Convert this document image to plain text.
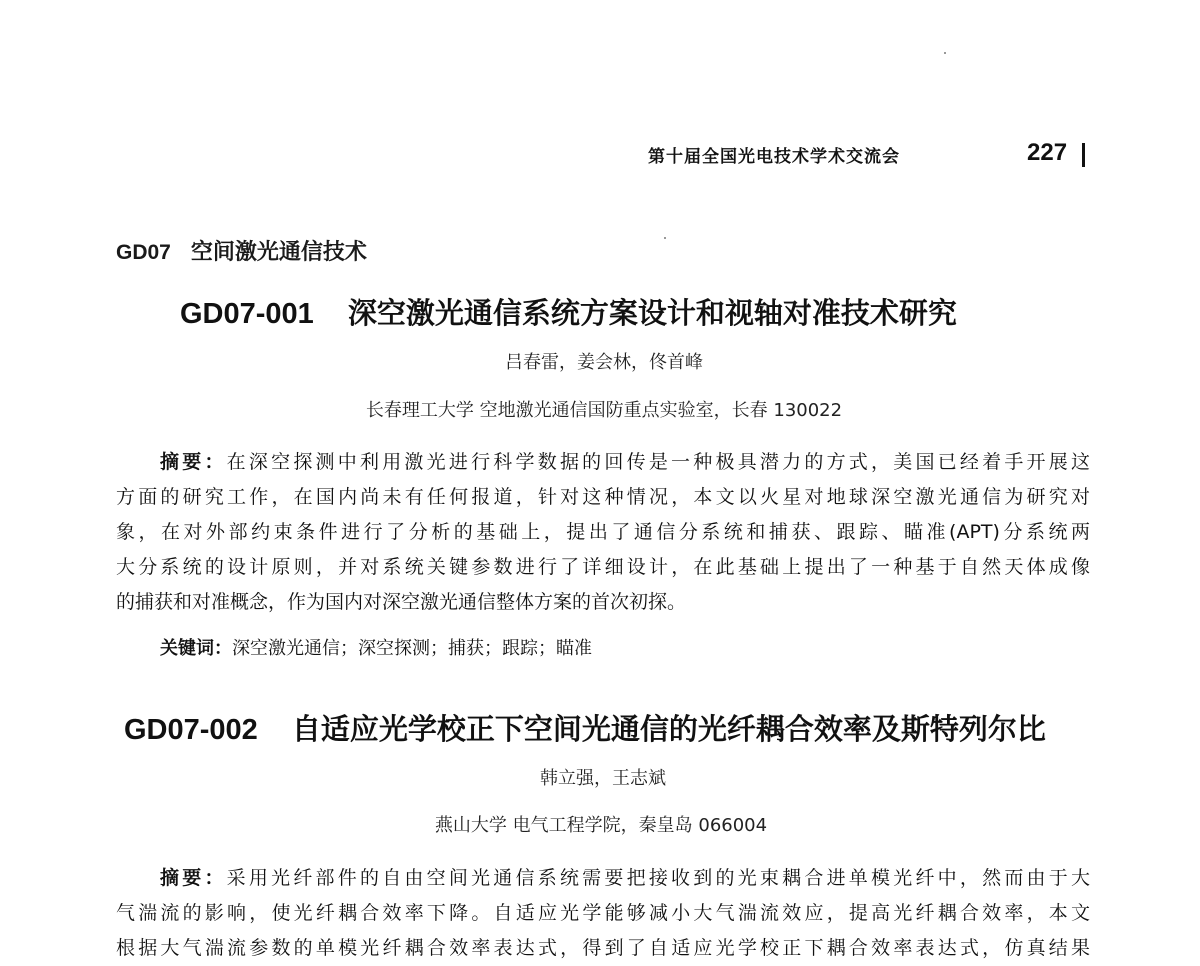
第十届全国光电技术学术交流会	227
GD07 空间激光通信技术
GD07-001 深空激光通信系统方案设计和视轴对准技术研究
吕春雷，姜会林，佟首峰
长春理工大学 空地激光通信国防重点实验室，长春 130022
摘要：在深空探测中利用激光进行科学数据的回传是一种极具潜力的方式，美国已经着手开展这
方面的研究工作，在国内尚未有任何报道，针对这种情况，本文以火星对地球深空激光通信为研究对
象，在对外部约束条件进行了分析的基础上，提出了通信分系统和捕获、跟踪、瞄准(APT)分系统两
大分系统的设计原则，并对系统关键参数进行了详细设计，在此基础上提出了一种基于自然天体成像
的捕获和对准概念，作为国内对深空激光通信整体方案的首次初探。
关键词：深空激光通信；深空探测；捕获；跟踪；瞄准
GD07-002 自适应光学校正下空间光通信的光纤耦合效率及斯特列尔比
韩立强，王志斌
燕山大学 电气工程学院，秦皇岛 066004
摘要：采用光纤部件的自由空间光通信系统需要把接收到的光束耦合进单模光纤中，然而由于大
气湍流的影响，使光纤耦合效率下降。自适应光学能够减小大气湍流效应，提高光纤耦合效率，本文
根据大气湍流参数的单模光纤耦合效率表达式，得到了自适应光学校正下耦合效率表达式，仿真结果
